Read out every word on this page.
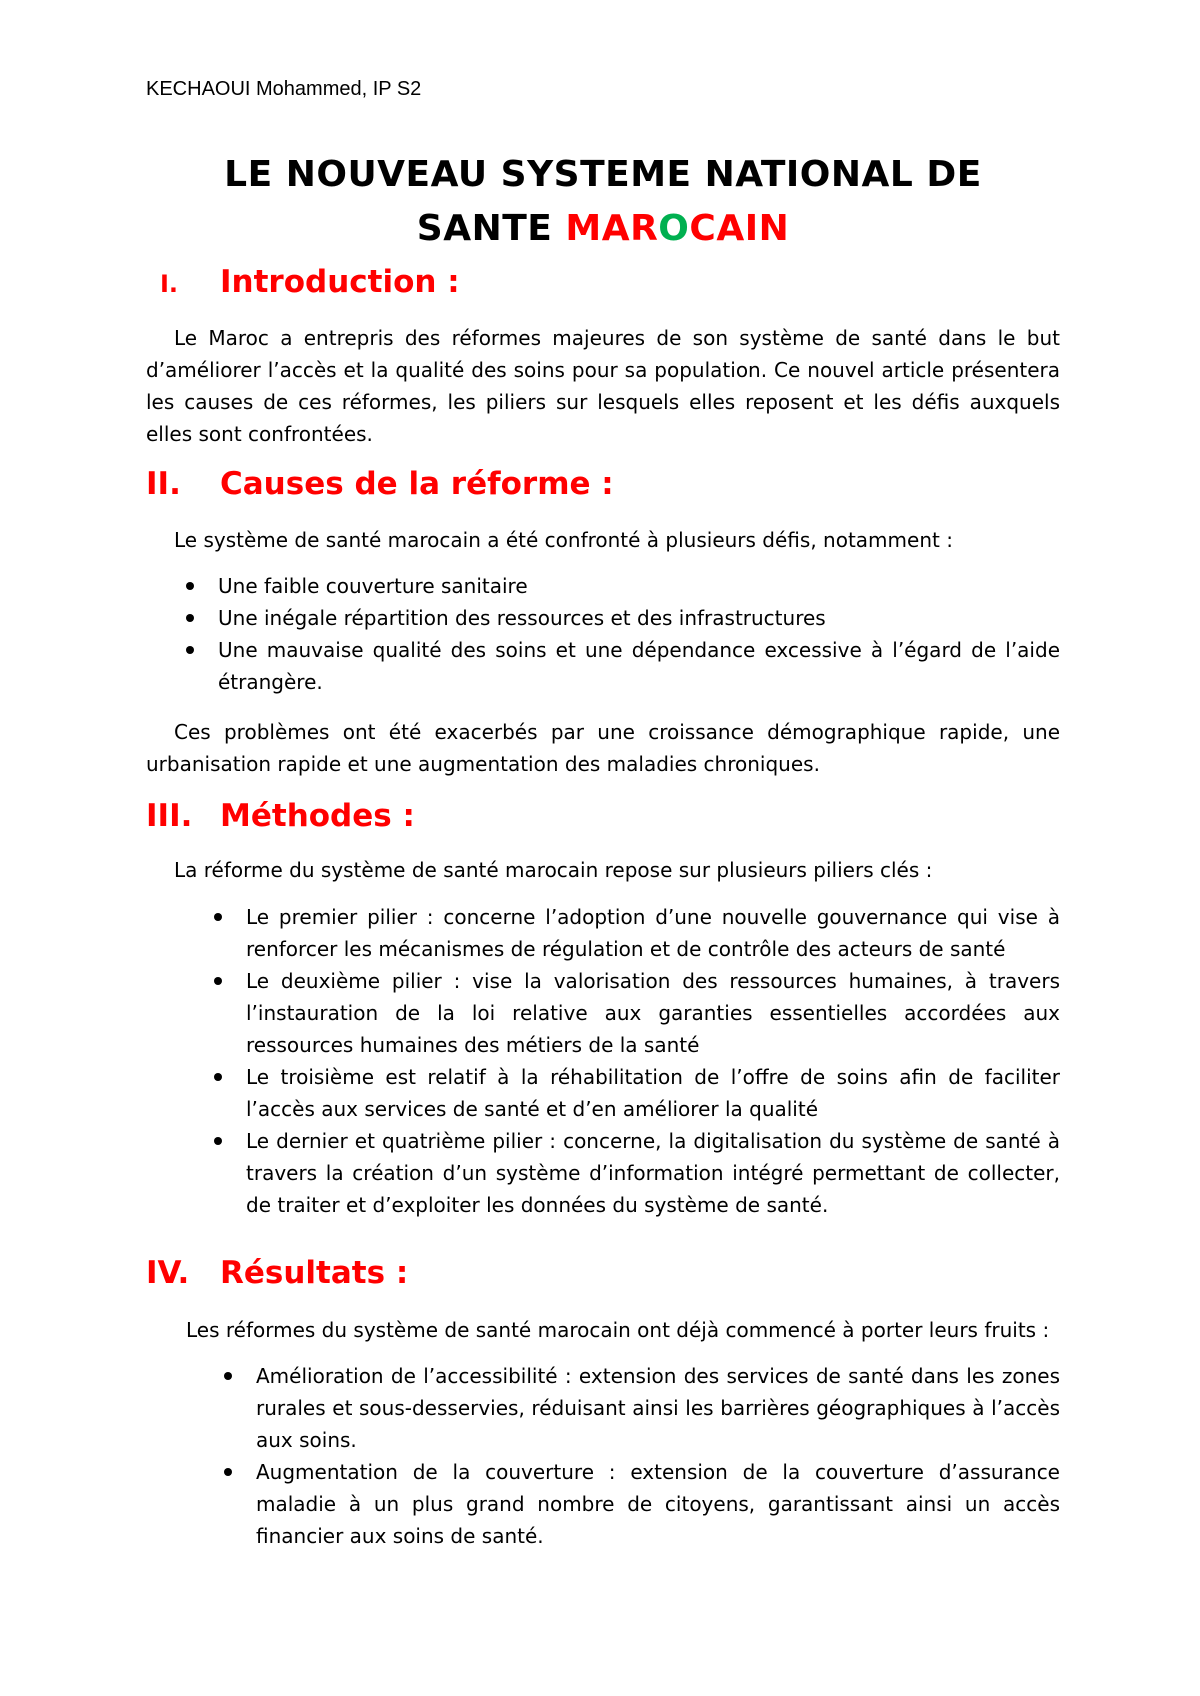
KECHAOUI Mohammed, IP S2
LE NOUVEAU SYSTEME NATIONAL DE
SANTE MAROCAIN
I.	Introduction :

Le Maroc a entrepris des réformes majeures de son système de santé dans le but d’améliorer l’accès et la qualité des soins pour sa population. Ce nouvel article présentera les causes de ces réformes, les piliers sur lesquels elles reposent et les défis auxquels elles sont confrontées.

II.	Causes de la réforme :

Le système de santé marocain a été confronté à plusieurs défis, notamment :

Une faible couverture sanitaire
Une inégale répartition des ressources et des infrastructures
Une mauvaise qualité des soins et une dépendance excessive à l’égard de l’aide étrangère.

Ces problèmes ont été exacerbés par une croissance démographique rapide, une urbanisation rapide et une augmentation des maladies chroniques.

III. Méthodes :

La réforme du système de santé marocain repose sur plusieurs piliers clés :

Le premier pilier : concerne l’adoption d’une nouvelle gouvernance qui vise à renforcer les mécanismes de régulation et de contrôle des acteurs de santé
Le deuxième pilier : vise la valorisation des ressources humaines, à travers l’instauration de la loi relative aux garanties essentielles accordées aux ressources humaines des métiers de la santé
Le troisième est relatif à la réhabilitation de l’offre de soins afin de faciliter l’accès aux services de santé et d’en améliorer la qualité
Le dernier et quatrième pilier : concerne, la digitalisation du système de santé à travers la création d’un système d’information intégré permettant de collecter, de traiter et d’exploiter les données du système de santé.
IV. Résultats :

Les réformes du système de santé marocain ont déjà commencé à porter leurs fruits :

Amélioration de l’accessibilité : extension des services de santé dans les zones rurales et sous-desservies, réduisant ainsi les barrières géographiques à l’accès aux soins.
Augmentation de la couverture : extension de la couverture d’assurance maladie à un plus grand nombre de citoyens, garantissant ainsi un accès financier aux soins de santé.
